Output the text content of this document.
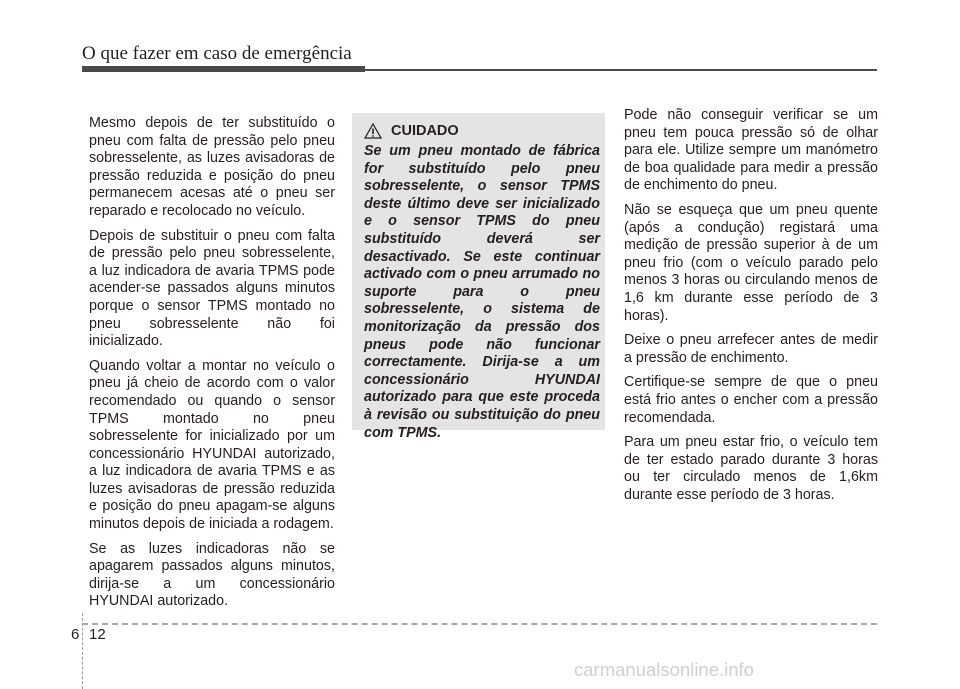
O que fazer em caso de emergência

Mesmo depois de ter substituído o pneu com falta de pressão pelo pneu sobresselente, as luzes avisadoras de pressão reduzida e posição do pneu permanecem acesas até o pneu ser reparado e recolocado no veículo.

Depois de substituir o pneu com falta de pressão pelo pneu sobresselente, a luz indicadora de avaria TPMS pode acender-se passados alguns minutos porque o sensor TPMS montado no pneu sobresselente não foi inicializado.

Quando voltar a montar no veículo o pneu já cheio de acordo com o valor recomendado ou quando o sensor TPMS montado no pneu sobresselente for inicializado por um concessionário HYUNDAI autorizado, a luz indicadora de avaria TPMS e as luzes avisadoras de pressão reduzida e posição do pneu apagam-se alguns minutos depois de iniciada a rodagem.

Se as luzes indicadoras não se apagarem passados alguns minutos, dirija-se a um concessionário HYUNDAI autorizado.

CUIDADO

Se um pneu montado de fábrica for substituído pelo pneu sobresselente, o sensor TPMS deste último deve ser inicializado e o sensor TPMS do pneu substituído deverá ser desactivado. Se este continuar activado com o pneu arrumado no suporte para o pneu sobresselente, o sistema de monitorização da pressão dos pneus pode não funcionar correctamente. Dirija-se a um concessionário HYUNDAI autorizado para que este proceda à revisão ou substituição do pneu com TPMS.

Pode não conseguir verificar se um pneu tem pouca pressão só de olhar para ele. Utilize sempre um manómetro de boa qualidade para medir a pressão de enchimento do pneu.

Não se esqueça que um pneu quente (após a condução) registará uma medição de pressão superior à de um pneu frio (com o veículo parado pelo menos 3 horas ou circulando menos de 1,6 km durante esse período de 3 horas).

Deixe o pneu arrefecer antes de medir a pressão de enchimento.

Certifique-se sempre de que o pneu está frio antes o encher com a pressão recomendada.

Para um pneu estar frio, o veículo tem de ter estado parado durante 3 horas ou ter circulado menos de 1,6km durante esse período de 3 horas.

6 12
carmanualsonline.info
